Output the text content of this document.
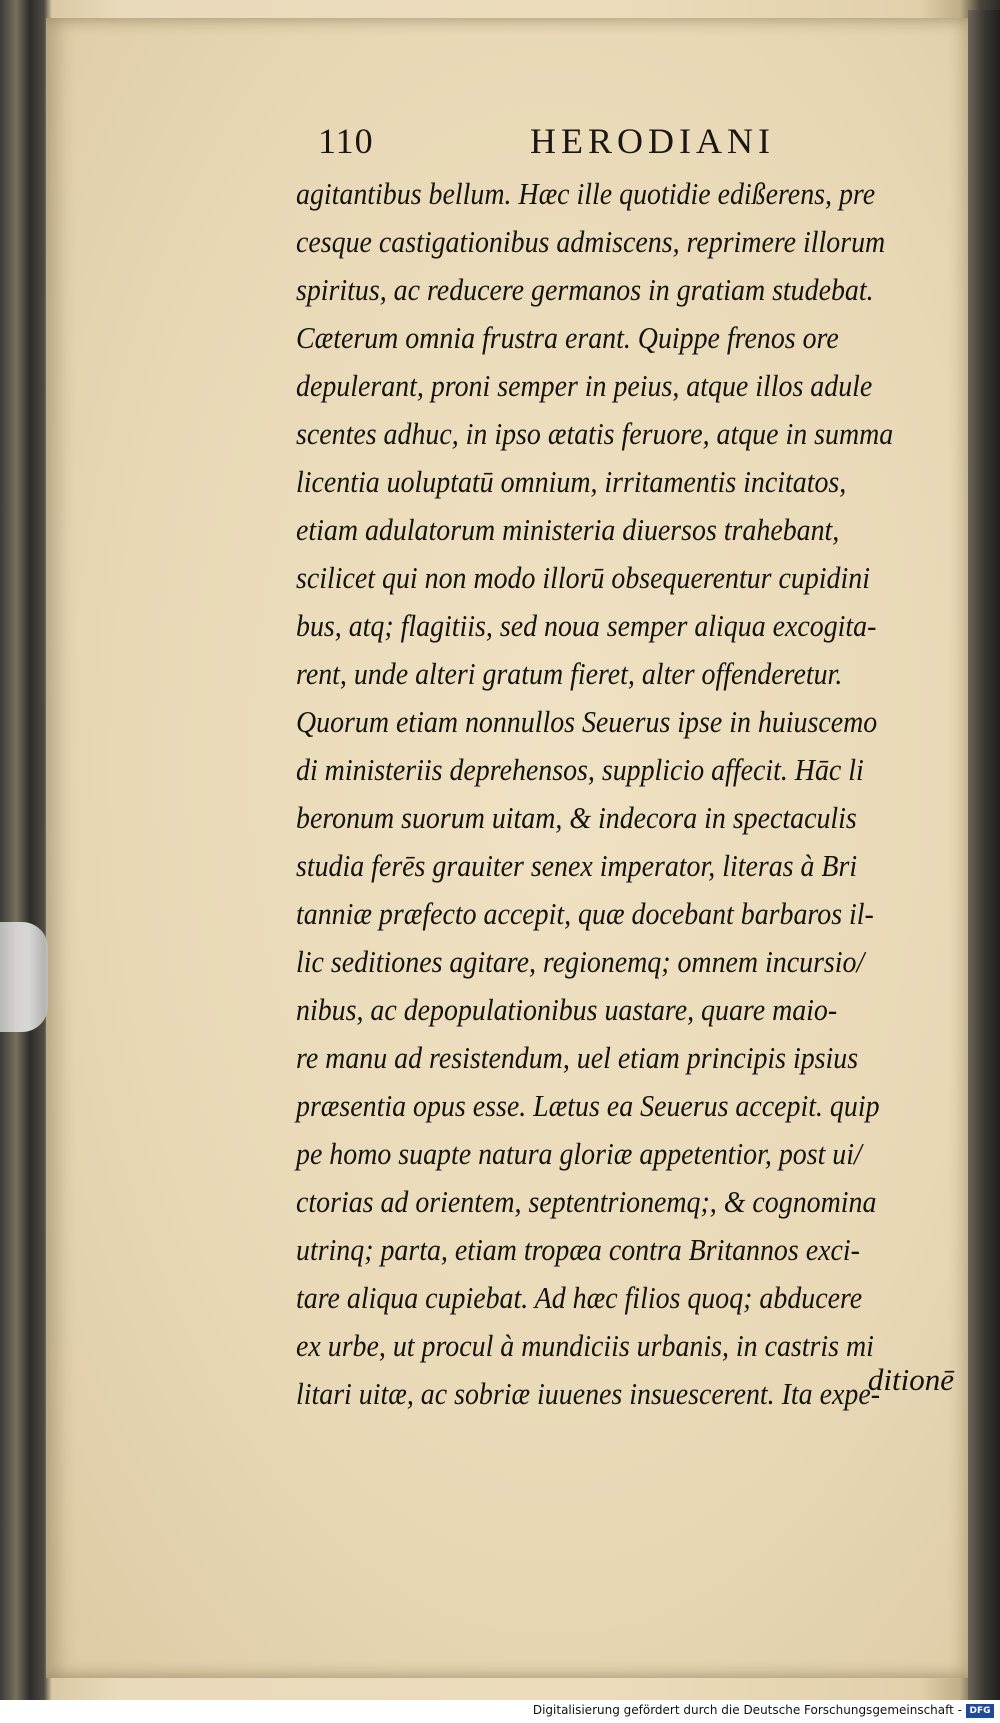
110	HERODIANI
agitantibus bellum. Hæc ille quotidie edißerens, pre
cesque castigationibus admiscens, reprimere illorum
spiritus, ac reducere germanos in gratiam studebat.
Cæterum omnia frustra erant. Quippe frenos ore
depulerant, proni semper in peius, atque illos adule
scentes adhuc, in ipso ætatis feruore, atque in summa
licentia uoluptatū omnium, irritamentis incitatos,
etiam adulatorum ministeria diuersos trahebant,
scilicet qui non modo illorū obsequerentur cupidini
bus, atq; flagitiis, sed noua semper aliqua excogita-
rent, unde alteri gratum fieret, alter offenderetur.
Quorum etiam nonnullos Seuerus ipse in huiuscemo
di ministeriis deprehensos, supplicio affecit. Hāc li
beronum suorum uitam, & indecora in spectaculis
studia ferēs grauiter senex imperator, literas à Bri
tanniæ præfecto accepit, quæ docebant barbaros il-
lic seditiones agitare, regionemq; omnem incursio/
nibus, ac depopulationibus uastare, quare maio-
re manu ad resistendum, uel etiam principis ipsius
præsentia opus esse. Lætus ea Seuerus accepit. quip
pe homo suapte natura gloriæ appetentior, post ui/
ctorias ad orientem, septentrionemq;, & cognomina
utrinq; parta, etiam tropæa contra Britannos exci-
tare aliqua cupiebat. Ad hæc filios quoq; abducere
ex urbe, ut procul à mundiciis urbanis, in castris mi
litari uitæ, ac sobriæ iuuenes insuescerent. Ita expe-
ditionē
Digitalisierung gefördert durch die Deutsche Forschungsgemeinschaft - DFG
